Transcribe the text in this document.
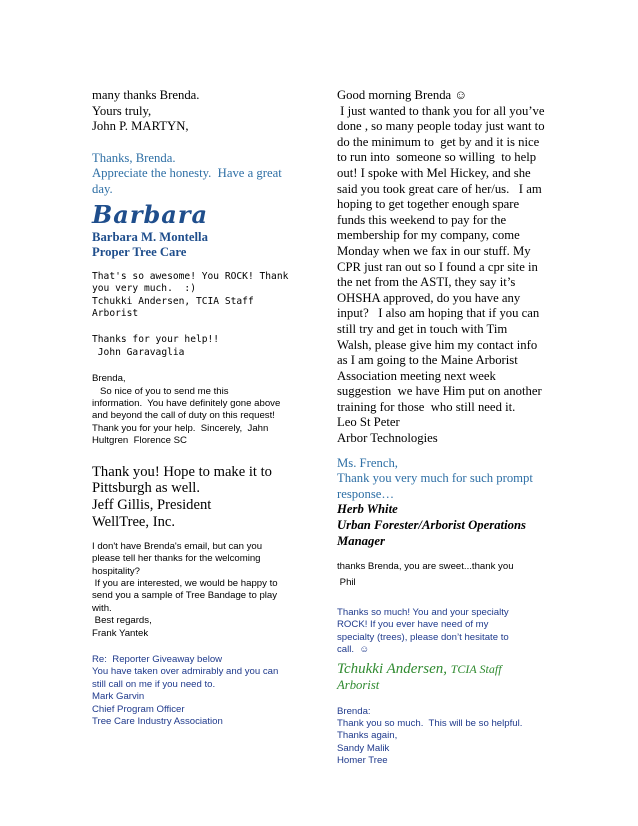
many thanks Brenda.
Yours truly,
John P. MARTYN,
Thanks, Brenda.
Appreciate the honesty.  Have a great
day.
Barbara
Barbara M. Montella
Proper Tree Care
That's so awesome! You ROCK! Thank
you very much.  :)
Tchukki Andersen, TCIA Staff
Arborist
Thanks for your help!!
John Garavaglia
Brenda,
So nice of you to send me this
information.  You have definitely gone above
and beyond the call of duty on this request!
Thank you for your help.  Sincerely,  Jahn
Hultgren  Florence SC
Thank you! Hope to make it to
Pittsburgh as well.
Jeff Gillis, President
WellTree, Inc.
I don't have Brenda's email, but can you
please tell her thanks for the welcoming
hospitality?
If you are interested, we would be happy to
send you a sample of Tree Bandage to play
with.
Best regards,
Frank Yantek
Re:  Reporter Giveaway below
You have taken over admirably and you can
still call on me if you need to.
Mark Garvin
Chief Program Officer
Tree Care Industry Association
Good morning Brenda ☺
I just wanted to thank you for all you’ve
done , so many people today just want to
do the minimum to  get by and it is nice
to run into  someone so willing  to help
out! I spoke with Mel Hickey, and she
said you took great care of her/us.   I am
hoping to get together enough spare
funds this weekend to pay for the
membership for my company, come
Monday when we fax in our stuff. My
CPR just ran out so I found a cpr site in
the net from the ASTI, they say it’s
OHSHA approved, do you have any
input?   I also am hoping that if you can
still try and get in touch with Tim
Walsh, please give him my contact info
as I am going to the Maine Arborist
Association meeting next week
suggestion  we have Him put on another
training for those  who still need it.
Leo St Peter
Arbor Technologies
Ms. French,
Thank you very much for such prompt
response…
Herb White
Urban Forester/Arborist Operations
Manager
thanks Brenda, you are sweet...thank you
Phil
Thanks so much! You and your specialty
ROCK! If you ever have need of my
specialty (trees), please don’t hesitate to
call.  ☺
Tchukki Andersen, TCIA Staff
Arborist
Brenda:
Thank you so much.  This will be so helpful.
Thanks again,
Sandy Malik
Homer Tree
